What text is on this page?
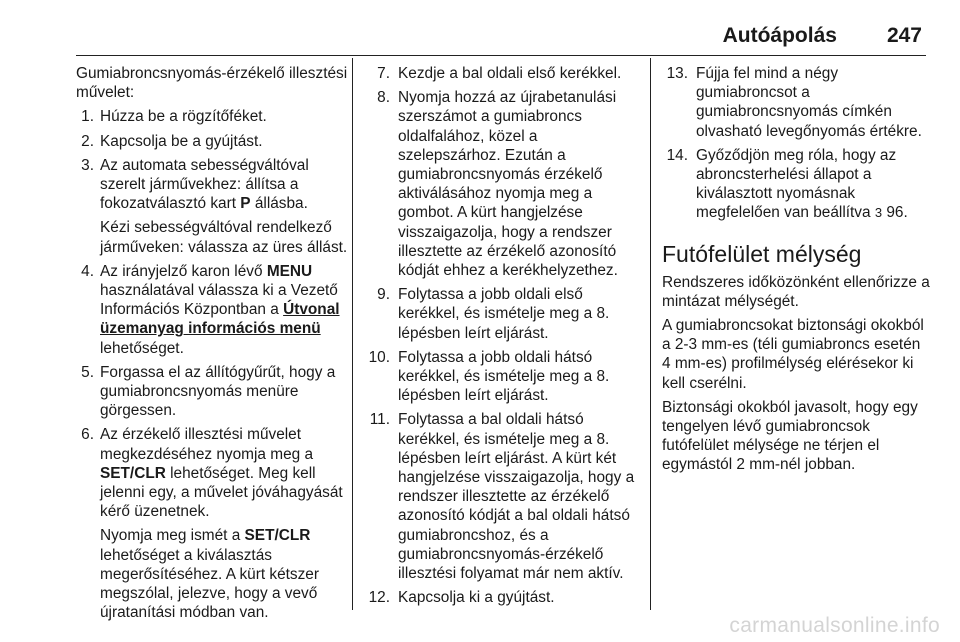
Autóápolás 247

Gumiabroncsnyomás-érzékelő illesztési művelet:

1. Húzza be a rögzítőféket.
2. Kapcsolja be a gyújtást.
3. Az automata sebességváltóval szerelt járművekhez: állítsa a fokozatválasztó kart P állásba.
Kézi sebességváltóval rendelkező járműveken: válassza az üres állást.
4. Az irányjelző karon lévő MENU használatával válassza ki a Vezető Információs Központban a Útvonal üzemanyag információs menü lehetőséget.
5. Forgassa el az állítógyűrűt, hogy a gumiabroncsnyomás menüre görgessen.
6. Az érzékelő illesztési művelet megkezdéséhez nyomja meg a SET/CLR lehetőséget. Meg kell jelenni egy, a művelet jóváhagyását kérő üzenetnek.
Nyomja meg ismét a SET/CLR lehetőséget a kiválasztás megerősítéséhez. A kürt kétszer megszólal, jelezve, hogy a vevő újratanítási módban van.
7. Kezdje a bal oldali első kerékkel.
8. Nyomja hozzá az újrabetanulási szerszámot a gumiabroncs oldalfalához, közel a szelepszárhoz. Ezután a gumiabroncsnyomás érzékelő aktiválásához nyomja meg a gombot. A kürt hangjelzése visszaigazolja, hogy a rendszer illesztette az érzékelő azonosító kódját ehhez a kerékhelyzethez.
9. Folytassa a jobb oldali első kerékkel, és ismételje meg a 8. lépésben leírt eljárást.
10. Folytassa a jobb oldali hátsó kerékkel, és ismételje meg a 8. lépésben leírt eljárást.
11. Folytassa a bal oldali hátsó kerékkel, és ismételje meg a 8. lépésben leírt eljárást. A kürt két hangjelzése visszaigazolja, hogy a rendszer illesztette az érzékelő azonosító kódját a bal oldali hátsó gumiabroncshoz, és a gumiabroncsnyomás-érzékelő illesztési folyamat már nem aktív.
12. Kapcsolja ki a gyújtást.
13. Fújja fel mind a négy gumiabroncsot a gumiabroncsnyomás címkén olvasható levegőnyomás értékre.
14. Győződjön meg róla, hogy az abroncsterhelési állapot a kiválasztott nyomásnak megfelelően van beállítva 3 96.
Futófelület mélység

Rendszeres időközönként ellenőrizze a mintázat mélységét.

A gumiabroncsokat biztonsági okokból a 2-3 mm-es (téli gumiabroncs esetén 4 mm-es) profilmélység elérésekor ki kell cserélni.

Biztonsági okokból javasolt, hogy egy tengelyen lévő gumiabroncsok futófelület mélysége ne térjen el egymástól 2 mm-nél jobban.

carmanualsonline.info
